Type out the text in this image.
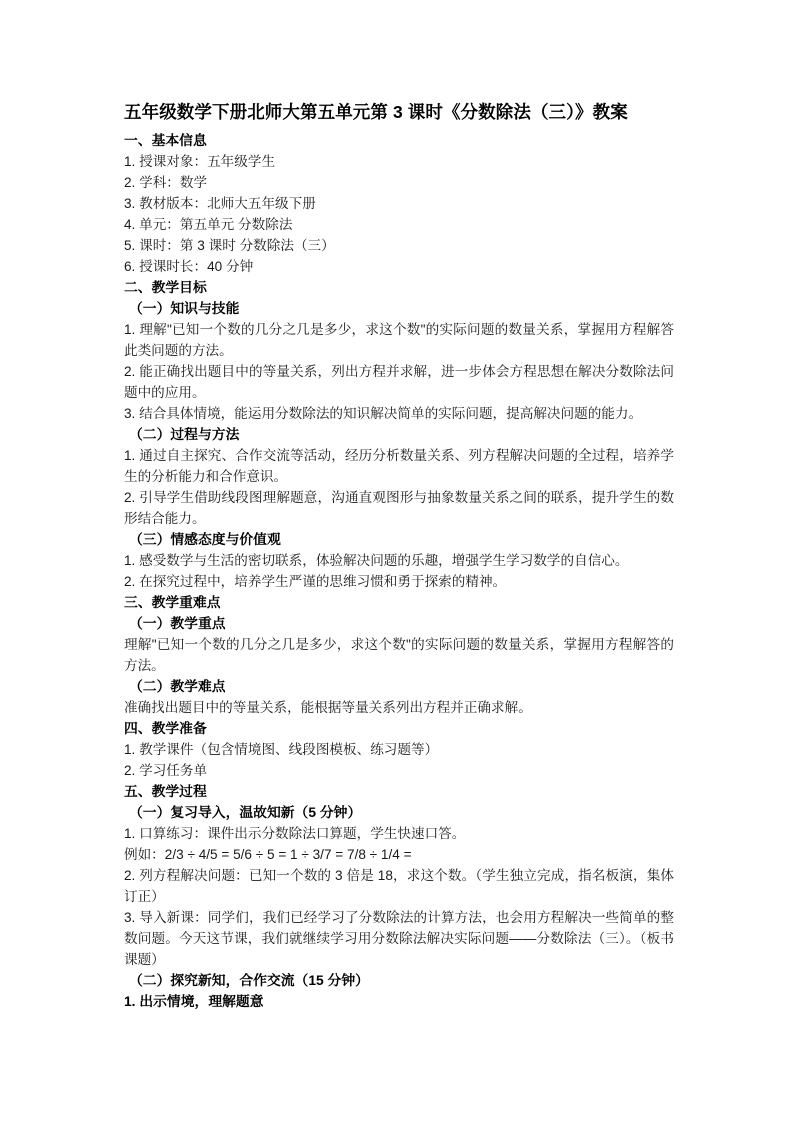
五年级数学下册北师大第五单元第 3 课时《分数除法（三）》教案
一、基本信息
1. 授课对象：五年级学生
2. 学科：数学
3. 教材版本：北师大五年级下册
4. 单元：第五单元 分数除法
5. 课时：第 3 课时 分数除法（三）
6. 授课时长：40 分钟
二、教学目标
（一）知识与技能
1. 理解"已知一个数的几分之几是多少，求这个数"的实际问题的数量关系，掌握用方程解答此类问题的方法。
2. 能正确找出题目中的等量关系，列出方程并求解，进一步体会方程思想在解决分数除法问题中的应用。
3. 结合具体情境，能运用分数除法的知识解决简单的实际问题，提高解决问题的能力。
（二）过程与方法
1. 通过自主探究、合作交流等活动，经历分析数量关系、列方程解决问题的全过程，培养学生的分析能力和合作意识。
2. 引导学生借助线段图理解题意，沟通直观图形与抽象数量关系之间的联系，提升学生的数形结合能力。
（三）情感态度与价值观
1. 感受数学与生活的密切联系，体验解决问题的乐趣，增强学生学习数学的自信心。
2. 在探究过程中，培养学生严谨的思维习惯和勇于探索的精神。
三、教学重难点
（一）教学重点
理解"已知一个数的几分之几是多少，求这个数"的实际问题的数量关系，掌握用方程解答的方法。
（二）教学难点
准确找出题目中的等量关系，能根据等量关系列出方程并正确求解。
四、教学准备
1. 教学课件（包含情境图、线段图模板、练习题等）
2. 学习任务单
五、教学过程
（一）复习导入，温故知新（5 分钟）
1. 口算练习：课件出示分数除法口算题，学生快速口答。
例如：2/3 ÷ 4/5 = 5/6 ÷ 5 = 1 ÷ 3/7 = 7/8 ÷ 1/4 =
2. 列方程解决问题：已知一个数的 3 倍是 18，求这个数。（学生独立完成，指名板演，集体订正）
3. 导入新课：同学们，我们已经学习了分数除法的计算方法，也会用方程解决一些简单的整数问题。今天这节课，我们就继续学习用分数除法解决实际问题——分数除法（三）。（板书课题）
（二）探究新知，合作交流（15 分钟）
1. 出示情境，理解题意
